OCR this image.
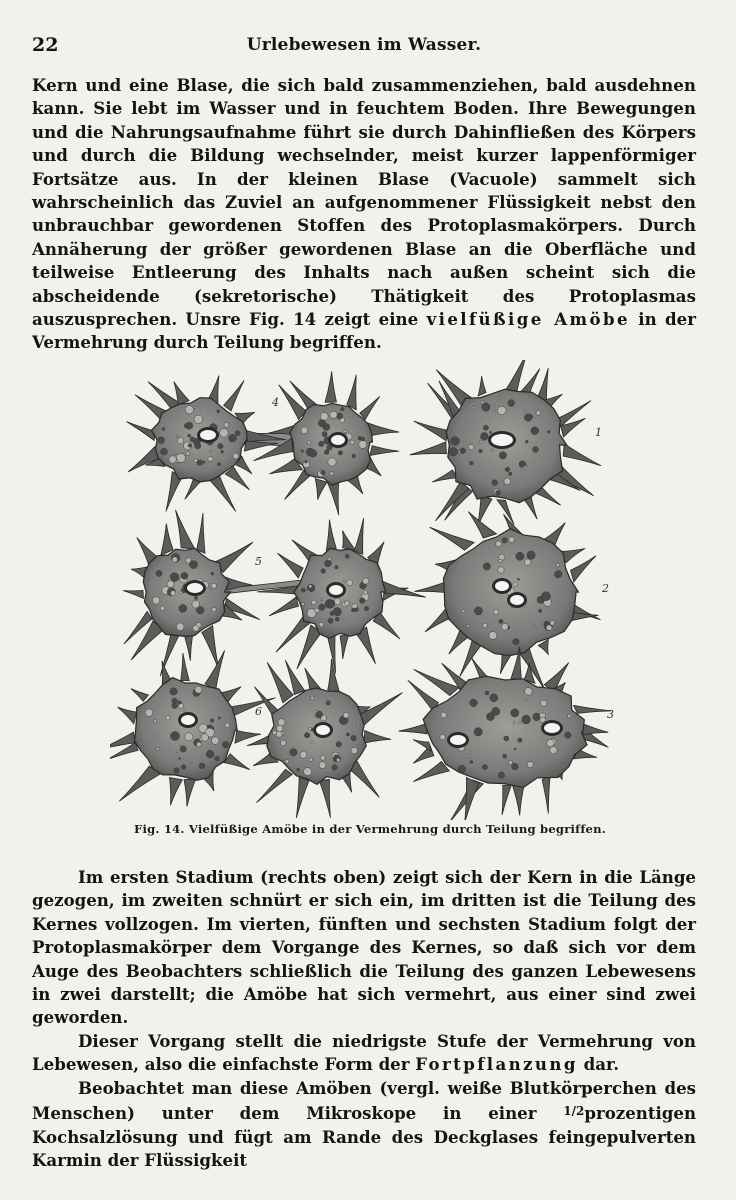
22	Urlebewesen im Wasser.

Kern und eine Blase, die sich bald zusammenziehen, bald ausdehnen kann. Sie lebt im Wasser und in feuchtem Boden. Ihre Bewegungen und die Nahrungsaufnahme führt sie durch Dahinfließen des Körpers und durch die Bildung wechselnder, meist kurzer lappenförmiger Fortsätze aus. In der kleinen Blase (Vacuole) sammelt sich wahrscheinlich das Zuviel an aufgenommener Flüssigkeit nebst den unbrauchbar gewordenen Stoffen des Protoplasmakörpers. Durch Annäherung der größer gewordenen Blase an die Oberfläche und teilweise Entleerung des Inhalts nach außen scheint sich die abscheidende (sekretorische) Thätigkeit des Protoplasmas auszusprechen. Unsre Fig. 14 zeigt eine vielfüßige Amöbe in der Vermehrung durch Teilung begriffen.

1
2
3
4
5
6
Fig. 14. Vielfüßige Amöbe in der Vermehrung durch Teilung begriffen.

Im ersten Stadium (rechts oben) zeigt sich der Kern in die Länge gezogen, im zweiten schnürt er sich ein, im dritten ist die Teilung des Kernes vollzogen. Im vierten, fünften und sechsten Stadium folgt der Protoplasmakörper dem Vorgange des Kernes, so daß sich vor dem Auge des Beobachters schließlich die Teilung des ganzen Lebewesens in zwei darstellt; die Amöbe hat sich vermehrt, aus einer sind zwei geworden.

Dieser Vorgang stellt die niedrigste Stufe der Vermehrung von Lebewesen, also die einfachste Form der Fortpflanzung dar.

Beobachtet man diese Amöben (vergl. weiße Blutkörperchen des Menschen) unter dem Mikroskope in einer $^{1/2}$prozentigen Kochsalzlösung und fügt am Rande des Deckglases feingepulverten Karmin der Flüssigkeit
